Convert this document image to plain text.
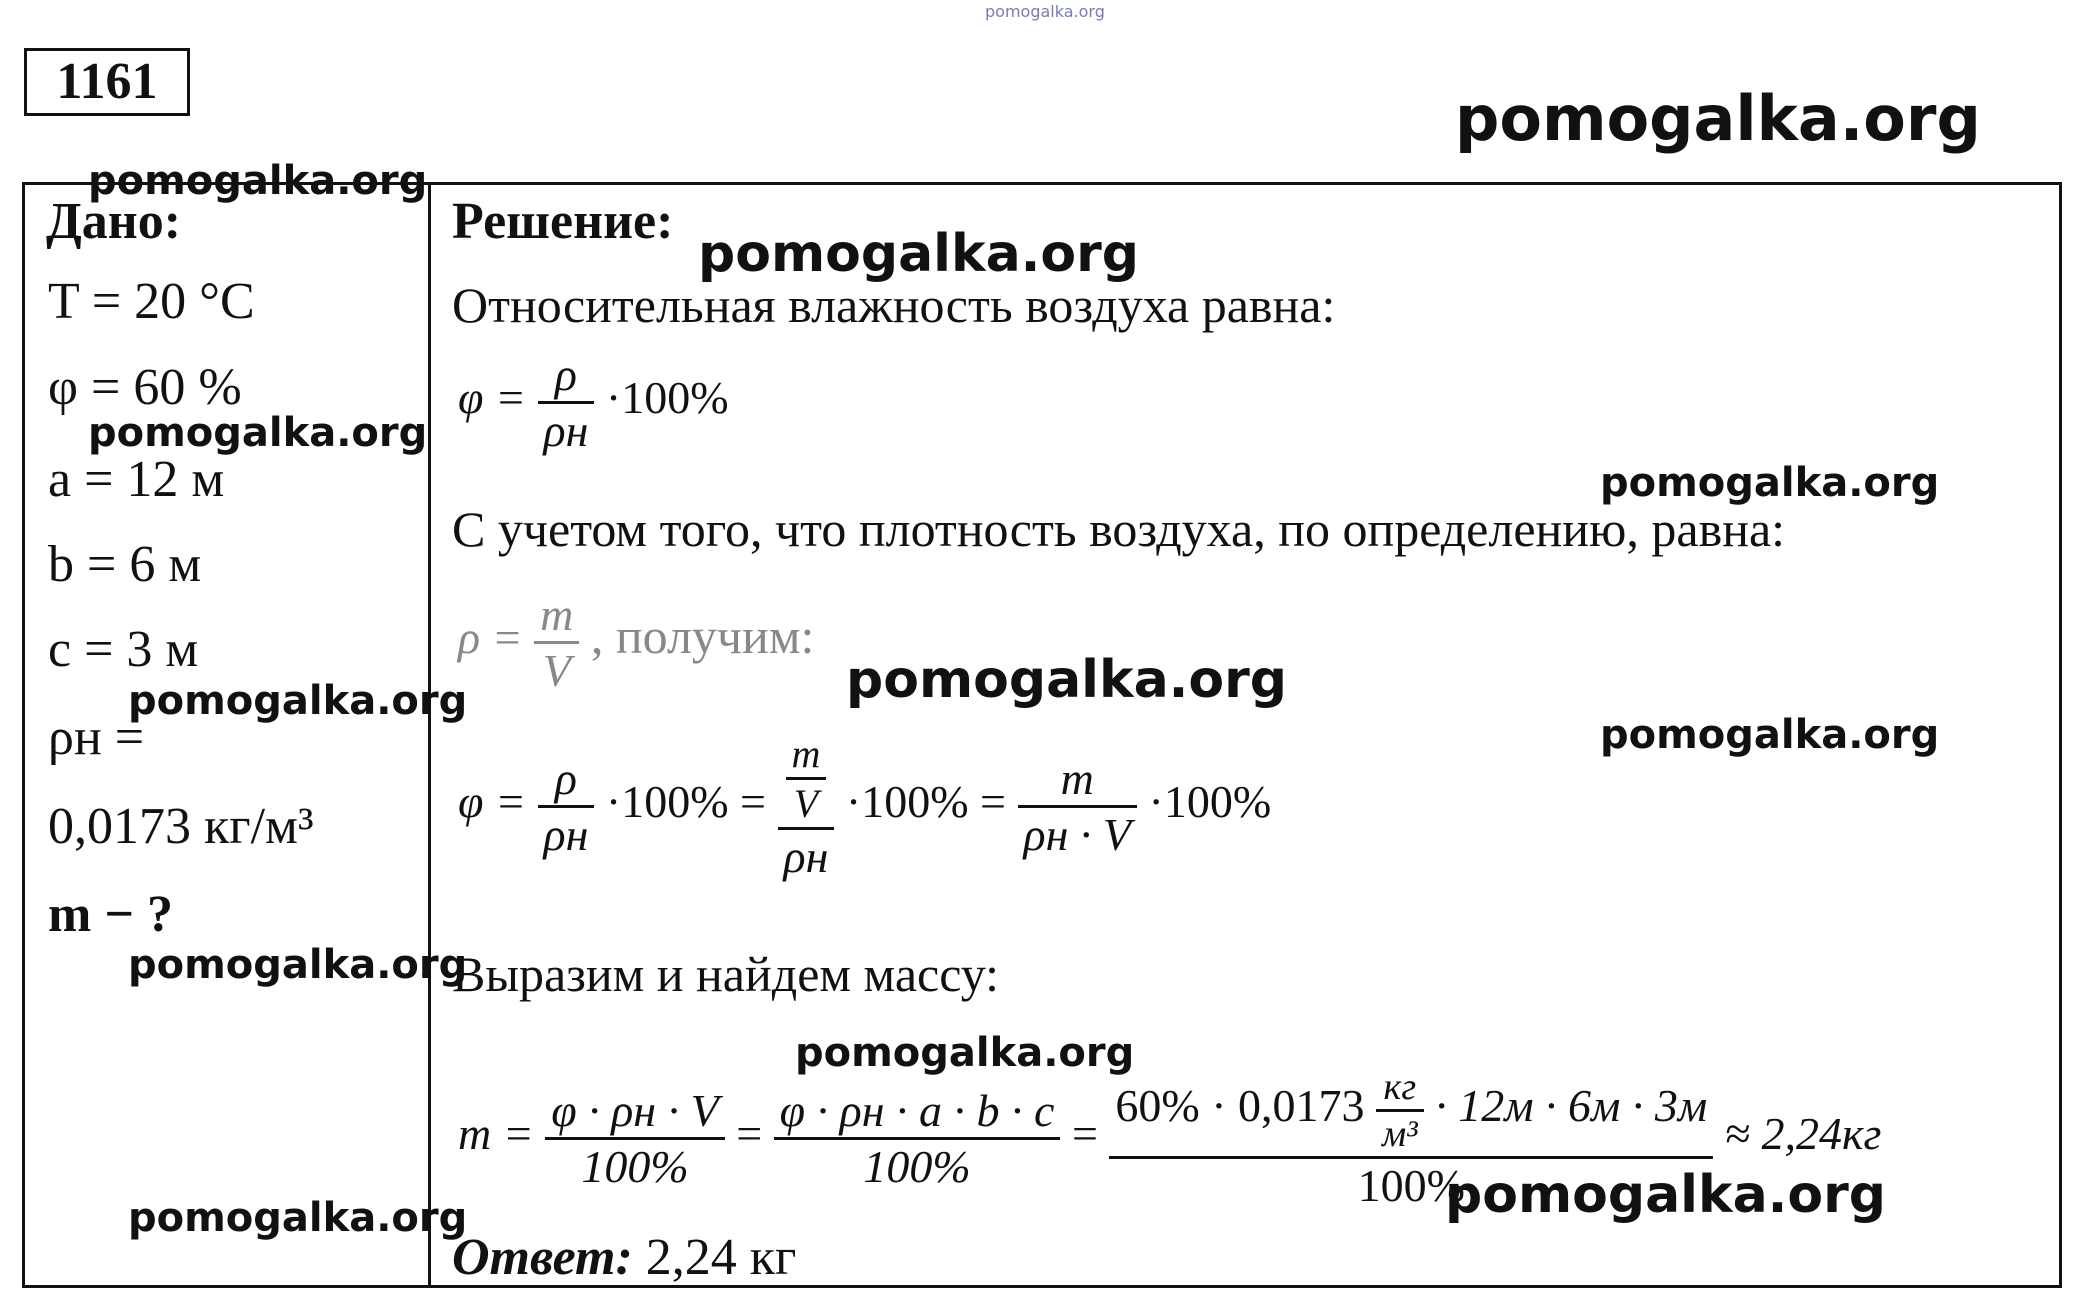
pomogalka.org
1161
pomogalka.org
Дано:
T = 20 °C
φ = 60 %
a = 12 м
b = 6 м
c = 3 м
ρн =
0,0173 кг/м³
m − ?
pomogalka.org
pomogalka.org
pomogalka.org
pomogalka.org
pomogalka.org
Решение:
pomogalka.org
Относительная влажность воздуха равна:
$\varphi = \frac{\rho}{\rho н} \cdot 100\%$
pomogalka.org
С учетом того, что плотность воздуха, по определению, равна:
$\rho = \frac{m}{V}$ , получим:
pomogalka.org
pomogalka.org
$\varphi = \frac{\rho}{\rho н} \cdot 100\% = \frac{\frac{m}{V}}{\rho н} \cdot 100\% = \frac{m}{\rho н \cdot V} \cdot 100\%$
Выразим и найдем массу:
pomogalka.org
$m = \frac{\varphi \cdot \rho н \cdot V}{100\%} = \frac{\varphi \cdot \rho н \cdot a \cdot b \cdot c}{100\%}$ =
$60\% \cdot 0,0173 \frac{кг}{\text{м³}} \cdot 12м \cdot 6м \cdot 3м$
100%
≈ 2,24кг
pomogalka.org
Ответ: 2,24 кг
